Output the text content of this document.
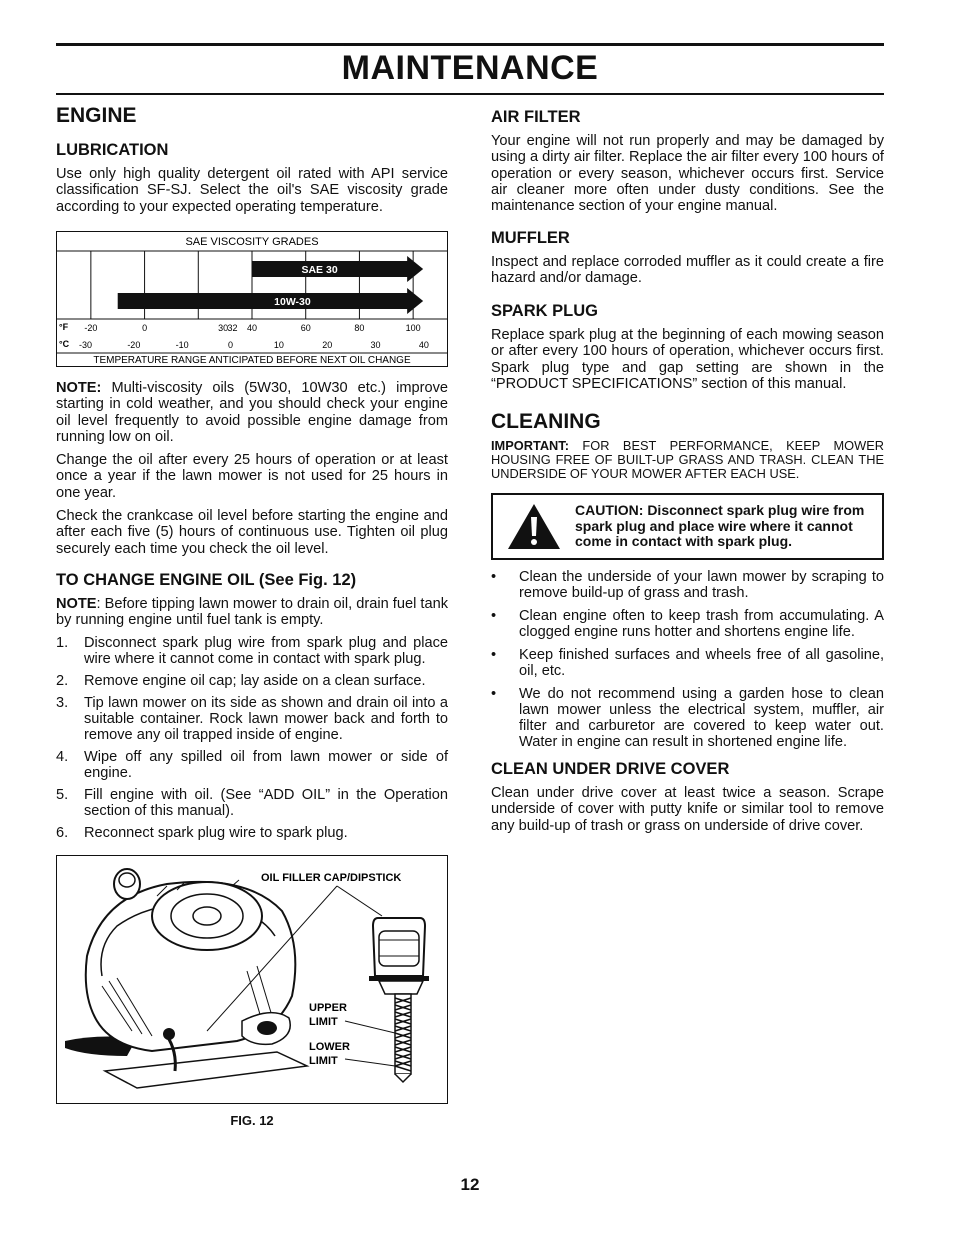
MAINTENANCE
ENGINE
LUBRICATION

Use only high quality detergent oil rated with API service classification SF-SJ. Select the oil's SAE viscosity grade according to your expected operating temperature.

SAE 30
10W-30
SAE VISCOSITY GRADES
°F
°C
-20	0	30 32 40	60	80	100
-30	-20	-10	0	10	20	30	40
TEMPERATURE RANGE ANTICIPATED BEFORE NEXT OIL CHANGE

NOTE: Multi-viscosity oils (5W30, 10W30 etc.) improve starting in cold weather, and you should check your engine oil level frequently to avoid possible engine damage from running low on oil.

Change the oil after every 25 hours of operation or at least once a year if the lawn mower is not used for 25 hours in one year.

Check the crankcase oil level before starting the engine and after each five (5) hours of continuous use. Tighten oil plug securely each time you check the oil level.

TO CHANGE ENGINE OIL (See Fig. 12)

NOTE: Before tipping lawn mower to drain oil, drain fuel tank by running engine until fuel tank is empty.

1. Disconnect spark plug wire from spark plug and place wire where it cannot come in contact with spark plug.
2. Remove engine oil cap; lay aside on a clean surface.
3. Tip lawn mower on its side as shown and drain oil into a suitable container. Rock lawn mower back and forth to remove any oil trapped inside of engine.
4. Wipe off any spilled oil from lawn mower or side of engine.
5. Fill engine with oil. (See “ADD OIL” in the Operation section of this manual).
6. Reconnect spark plug wire to spark plug.
OIL FILLER CAP/DIPSTICK
UPPER
LIMIT
LOWER
LIMIT
FIG. 12
AIR FILTER

Your engine will not run properly and may be damaged by using a dirty air filter. Replace the air filter every 100 hours of operation or every season, whichever occurs first. Service air cleaner more often under dusty conditions. See the maintenance section of your engine manual.

MUFFLER

Inspect and replace corroded muffler as it could create a fire hazard and/or damage.

SPARK PLUG

Replace spark plug at the beginning of each mowing season or after every 100 hours of operation, whichever occurs first. Spark plug type and gap setting are shown in the “PRODUCT SPECIFICATIONS” section of this manual.

CLEANING

IMPORTANT: FOR BEST PERFORMANCE, KEEP MOWER HOUSING FREE OF BUILT-UP GRASS AND TRASH. CLEAN THE UNDERSIDE OF YOUR MOWER AFTER EACH USE.

CAUTION: Disconnect spark plug wire from spark plug and place wire where it cannot come in contact with spark plug.
• Clean the underside of your lawn mower by scraping to remove build-up of grass and trash.
• Clean engine often to keep trash from accumulating. A clogged engine runs hotter and shortens engine life.
• Keep finished surfaces and wheels free of all gasoline, oil, etc.
• We do not recommend using a garden hose to clean lawn mower unless the electrical system, muffler, air filter and carburetor are covered to keep water out. Water in engine can result in shortened engine life.
CLEAN UNDER DRIVE COVER

Clean under drive cover at least twice a season. Scrape underside of cover with putty knife or similar tool to remove any build-up of trash or grass on underside of drive cover.

12
